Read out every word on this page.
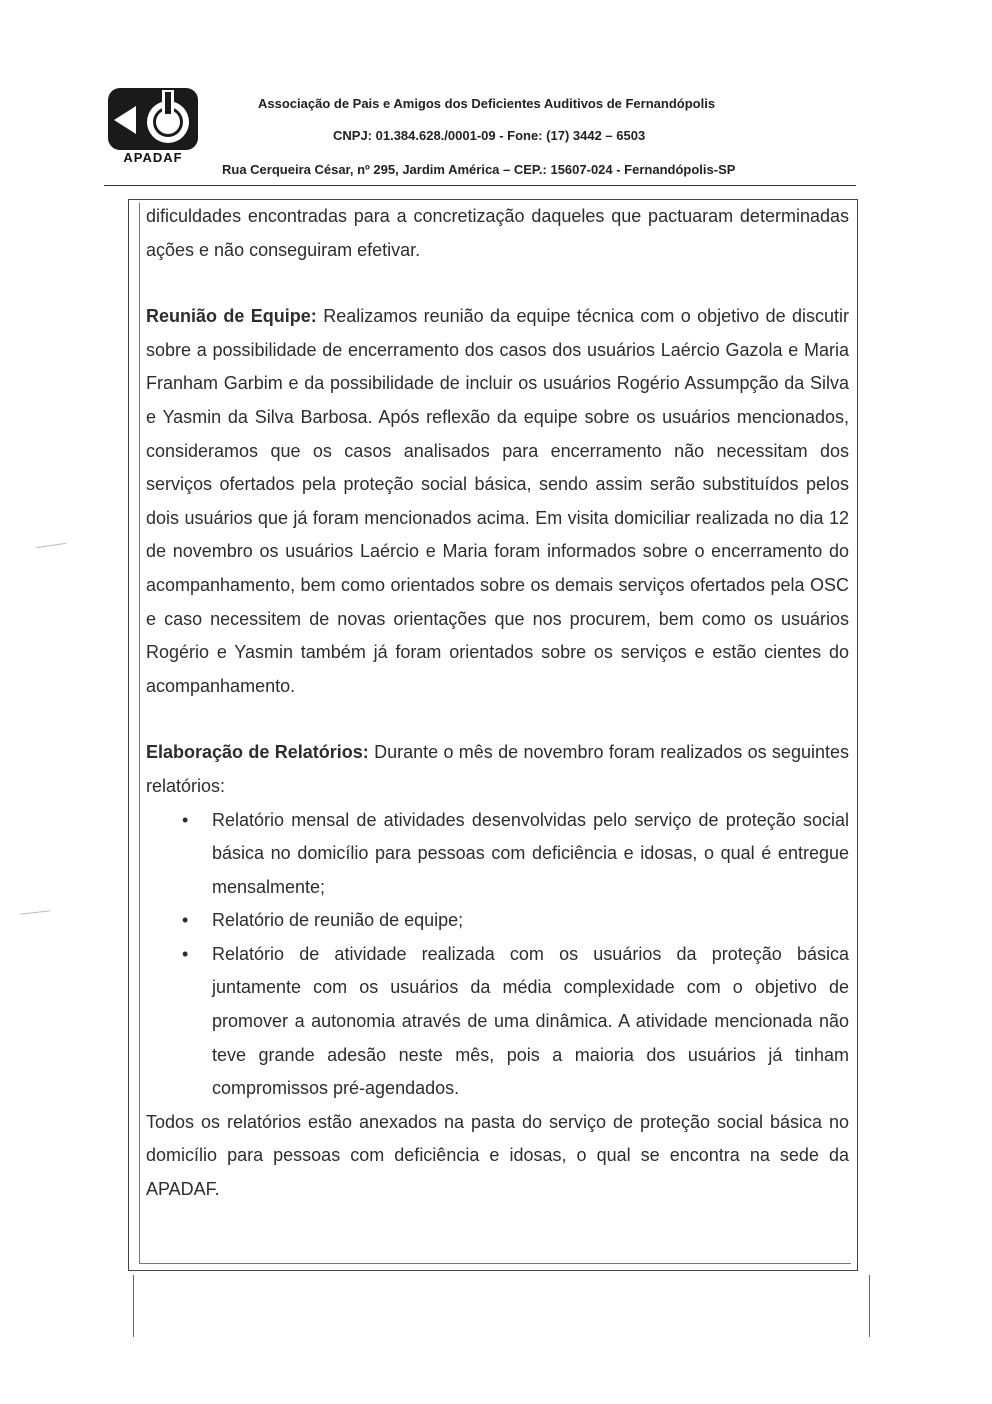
APADAF
Associação de Pais e Amigos dos Deficientes Auditivos de Fernandópolis
CNPJ: 01.384.628./0001-09 - Fone: (17) 3442 – 6503
Rua Cerqueira César, nº 295, Jardim América – CEP.: 15607-024 - Fernandópolis-SP

dificuldades encontradas para a concretização daqueles que pactuaram determinadas ações e não conseguiram efetivar.

Reunião de Equipe: Realizamos reunião da equipe técnica com o objetivo de discutir sobre a possibilidade de encerramento dos casos dos usuários Laércio Gazola e Maria Franham Garbim e da possibilidade de incluir os usuários Rogério Assumpção da Silva e Yasmin da Silva Barbosa. Após reflexão da equipe sobre os usuários mencionados, consideramos que os casos analisados para encerramento não necessitam dos serviços ofertados pela proteção social básica, sendo assim serão substituídos pelos dois usuários que já foram mencionados acima. Em visita domiciliar realizada no dia 12 de novembro os usuários Laércio e Maria foram informados sobre o encerramento do acompanhamento, bem como orientados sobre os demais serviços ofertados pela OSC e caso necessitem de novas orientações que nos procurem, bem como os usuários Rogério e Yasmin também já foram orientados sobre os serviços e estão cientes do acompanhamento.

Elaboração de Relatórios: Durante o mês de novembro foram realizados os seguintes relatórios:

• Relatório mensal de atividades desenvolvidas pelo serviço de proteção social básica no domicílio para pessoas com deficiência e idosas, o qual é entregue mensalmente;
• Relatório de reunião de equipe;
• Relatório de atividade realizada com os usuários da proteção básica juntamente com os usuários da média complexidade com o objetivo de promover a autonomia através de uma dinâmica. A atividade mencionada não teve grande adesão neste mês, pois a maioria dos usuários já tinham compromissos pré-agendados.

Todos os relatórios estão anexados na pasta do serviço de proteção social básica no domicílio para pessoas com deficiência e idosas, o qual se encontra na sede da APADAF.
